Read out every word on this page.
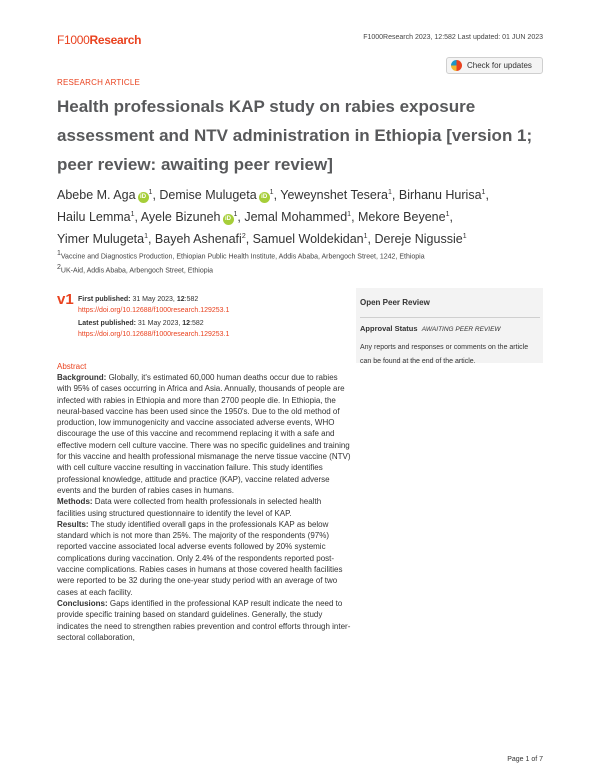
F1000Research	F1000Research 2023, 12:582 Last updated: 01 JUN 2023
RESEARCH ARTICLE
Check for updates
Health professionals KAP study on rabies exposure assessment and NTV administration in Ethiopia [version 1; peer review: awaiting peer review]
Abebe M. Aga $iD^1$, Demise Mulugeta $iD^1$, Yeweynshet Tesera$^1$, Birhanu Hurisa$^1$,
Hailu Lemma$^1$, Ayele Bizuneh $iD^1$, Jemal Mohammed$^1$, Mekore Beyene$^1$,
Yimer Mulugeta$^1$, Bayeh Ashenafi$^2$, Samuel Woldekidan$^1$, Dereje Nigussie$^1$
$^1$Vaccine and Diagnostics Production, Ethiopian Public Health Institute, Addis Ababa, Arbengoch Street, 1242, Ethiopia
$^2$UK-Aid, Addis Ababa, Arbengoch Street, Ethiopia
v1 First published: 31 May 2023, 12:582
https://doi.org/10.12688/f1000research.129253.1
Latest published: 31 May 2023, 12:582
https://doi.org/10.12688/f1000research.129253.1
Open Peer Review
Approval Status AWAITING PEER REVIEW
Any reports and responses or comments on the article can be found at the end of the article.
Abstract

Background: Globally, it's estimated 60,000 human deaths occur due to rabies with 95% of cases occurring in Africa and Asia. Annually, thousands of people are infected with rabies in Ethiopia and more than 2700 people die. In Ethiopia, the neural-based vaccine has been used since the 1950's. Due to the old method of production, low immunogenicity and vaccine associated adverse events, WHO discourage the use of this vaccine and recommend replacing it with a safe and effective modern cell culture vaccine. There was no specific guidelines and training for this vaccine and health professional mismanage the nerve tissue vaccine (NTV) with cell culture vaccine resulting in vaccination failure. This study identifies professional knowledge, attitude and practice (KAP), vaccine related adverse events and the burden of rabies cases in humans.

Methods: Data were collected from health professionals in selected health facilities using structured questionnaire to identify the level of KAP.

Results: The study identified overall gaps in the professionals KAP as below standard which is not more than 25%. The majority of the respondents (97%) reported vaccine associated local adverse events followed by 20% systemic complications during vaccination. Only 2.4% of the respondents reported post-vaccine complications. Rabies cases in humans at those covered health facilities were reported to be 32 during the one-year study period with an average of two cases at each facility.

Conclusions: Gaps identified in the professional KAP result indicate the need to provide specific training based on standard guidelines. Generally, the study indicates the need to strengthen rabies prevention and control efforts through inter-sectoral collaboration,

Page 1 of 7
